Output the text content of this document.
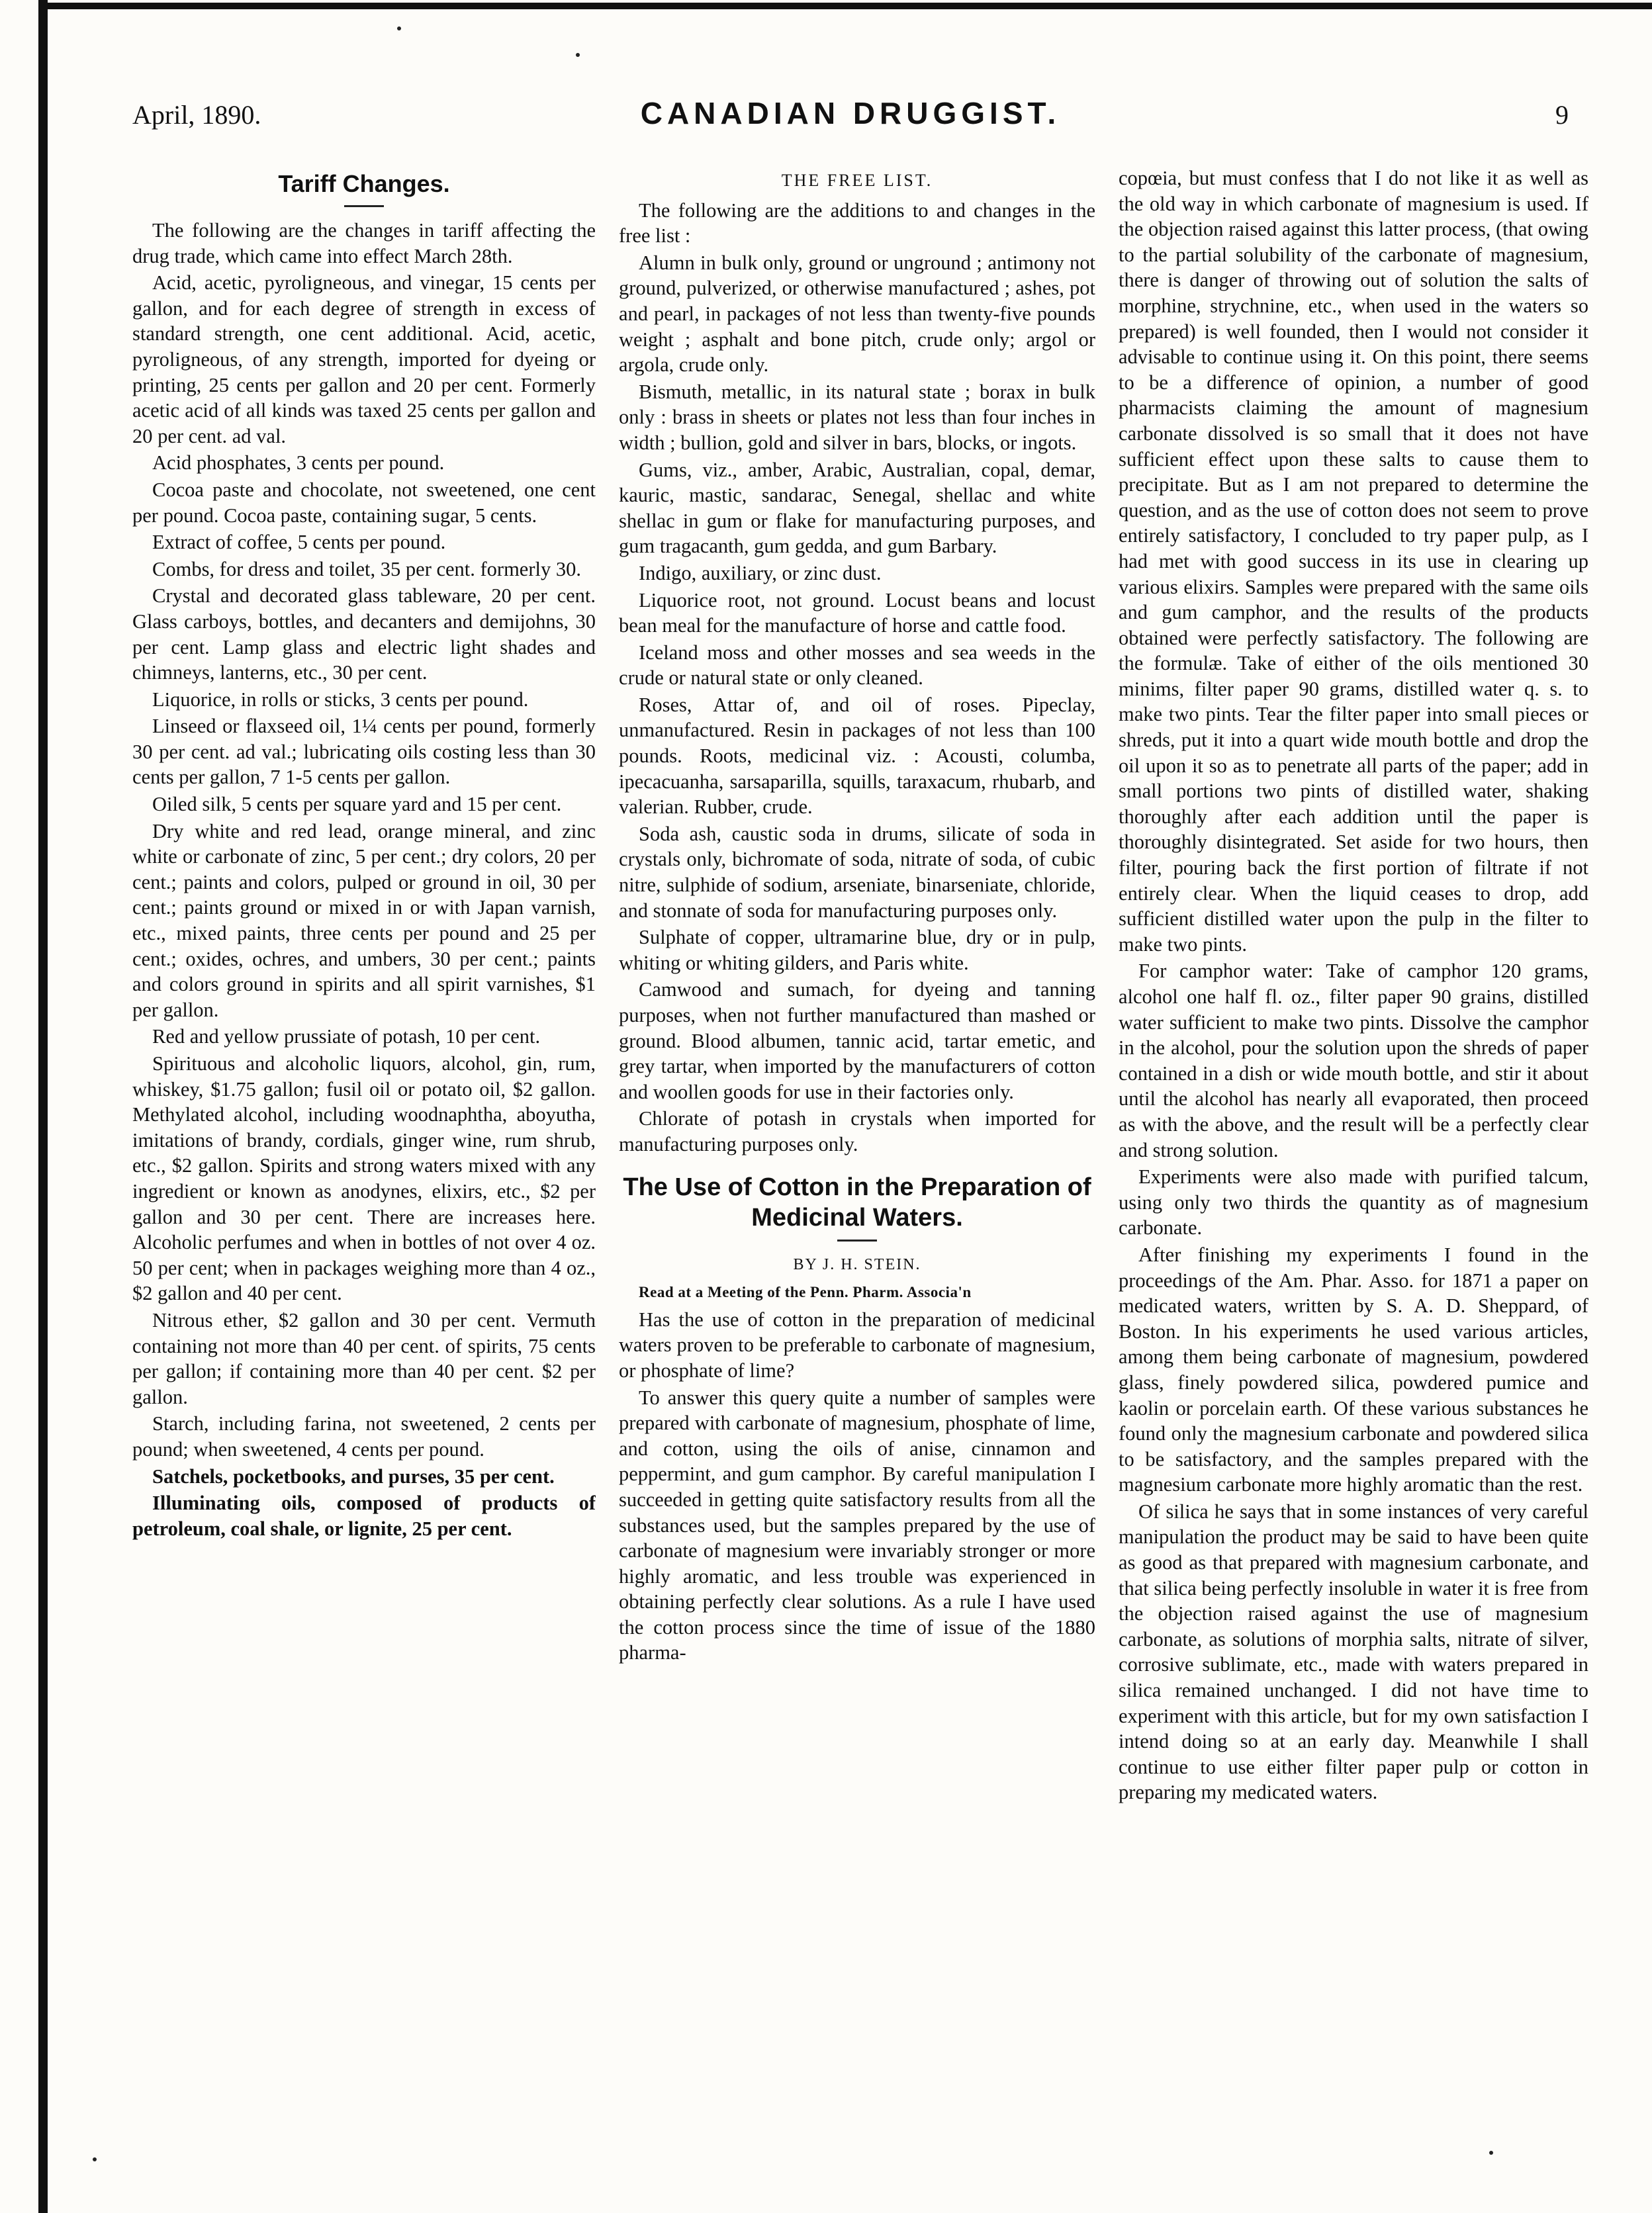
April, 1890.	CANADIAN DRUGGIST.	9
Tariff Changes.

The following are the changes in tariff affecting the drug trade, which came into effect March 28th.

Acid, acetic, pyroligneous, and vinegar, 15 cents per gallon, and for each degree of strength in excess of standard strength, one cent additional. Acid, acetic, pyroligneous, of any strength, imported for dyeing or printing, 25 cents per gallon and 20 per cent. Formerly acetic acid of all kinds was taxed 25 cents per gallon and 20 per cent. ad val.

Acid phosphates, 3 cents per pound.

Cocoa paste and chocolate, not sweetened, one cent per pound. Cocoa paste, containing sugar, 5 cents.

Extract of coffee, 5 cents per pound.

Combs, for dress and toilet, 35 per cent. formerly 30.

Crystal and decorated glass tableware, 20 per cent. Glass carboys, bottles, and decanters and demijohns, 30 per cent. Lamp glass and electric light shades and chimneys, lanterns, etc., 30 per cent.

Liquorice, in rolls or sticks, 3 cents per pound.

Linseed or flaxseed oil, 1¼ cents per pound, formerly 30 per cent. ad val.; lubricating oils costing less than 30 cents per gallon, 7 1-5 cents per gallon.

Oiled silk, 5 cents per square yard and 15 per cent.

Dry white and red lead, orange mineral, and zinc white or carbonate of zinc, 5 per cent.; dry colors, 20 per cent.; paints and colors, pulped or ground in oil, 30 per cent.; paints ground or mixed in or with Japan varnish, etc., mixed paints, three cents per pound and 25 per cent.; oxides, ochres, and umbers, 30 per cent.; paints and colors ground in spirits and all spirit varnishes, $1 per gallon.

Red and yellow prussiate of potash, 10 per cent.

Spirituous and alcoholic liquors, alcohol, gin, rum, whiskey, $1.75 gallon; fusil oil or potato oil, $2 gallon. Methylated alcohol, including woodnaphtha, aboyutha, imitations of brandy, cordials, ginger wine, rum shrub, etc., $2 gallon. Spirits and strong waters mixed with any ingredient or known as anodynes, elixirs, etc., $2 per gallon and 30 per cent. There are increases here. Alcoholic perfumes and when in bottles of not over 4 oz. 50 per cent; when in packages weighing more than 4 oz., $2 gallon and 40 per cent.

Nitrous ether, $2 gallon and 30 per cent. Vermuth containing not more than 40 per cent. of spirits, 75 cents per gallon; if containing more than 40 per cent. $2 per gallon.

Starch, including farina, not sweetened, 2 cents per pound; when sweetened, 4 cents per pound.

Satchels, pocketbooks, and purses, 35 per cent.

Illuminating oils, composed of products of petroleum, coal shale, or lignite, 25 per cent.

THE FREE LIST.

The following are the additions to and changes in the free list :

Alumn in bulk only, ground or unground ; antimony not ground, pulverized, or otherwise manufactured ; ashes, pot and pearl, in packages of not less than twenty-five pounds weight ; asphalt and bone pitch, crude only; argol or argola, crude only.

Bismuth, metallic, in its natural state ; borax in bulk only : brass in sheets or plates not less than four inches in width ; bullion, gold and silver in bars, blocks, or ingots.

Gums, viz., amber, Arabic, Australian, copal, demar, kauric, mastic, sandarac, Senegal, shellac and white shellac in gum or flake for manufacturing purposes, and gum tragacanth, gum gedda, and gum Barbary.

Indigo, auxiliary, or zinc dust.

Liquorice root, not ground. Locust beans and locust bean meal for the manufacture of horse and cattle food.

Iceland moss and other mosses and sea weeds in the crude or natural state or only cleaned.

Roses, Attar of, and oil of roses. Pipeclay, unmanufactured. Resin in packages of not less than 100 pounds. Roots, medicinal viz. : Acousti, columba, ipecacuanha, sarsaparilla, squills, taraxacum, rhubarb, and valerian. Rubber, crude.

Soda ash, caustic soda in drums, silicate of soda in crystals only, bichromate of soda, nitrate of soda, of cubic nitre, sulphide of sodium, arseniate, binarseniate, chloride, and stonnate of soda for manufacturing purposes only.

Sulphate of copper, ultramarine blue, dry or in pulp, whiting or whiting gilders, and Paris white.

Camwood and sumach, for dyeing and tanning purposes, when not further manufactured than mashed or ground. Blood albumen, tannic acid, tartar emetic, and grey tartar, when imported by the manufacturers of cotton and woollen goods for use in their factories only.

Chlorate of potash in crystals when imported for manufacturing purposes only.

The Use of Cotton in the Preparation of Medicinal Waters.
BY J. H. STEIN.

Read at a Meeting of the Penn. Pharm. Associa'n

Has the use of cotton in the preparation of medicinal waters proven to be preferable to carbonate of magnesium, or phosphate of lime?

To answer this query quite a number of samples were prepared with carbonate of magnesium, phosphate of lime, and cotton, using the oils of anise, cinnamon and peppermint, and gum camphor. By careful manipulation I succeeded in getting quite satisfactory results from all the substances used, but the samples prepared by the use of carbonate of magnesium were invariably stronger or more highly aromatic, and less trouble was experienced in obtaining perfectly clear solutions. As a rule I have used the cotton process since the time of issue of the 1880 pharma-

copœia, but must confess that I do not like it as well as the old way in which carbonate of magnesium is used. If the objection raised against this latter process, (that owing to the partial solubility of the carbonate of magnesium, there is danger of throwing out of solution the salts of morphine, strychnine, etc., when used in the waters so prepared) is well founded, then I would not consider it advisable to continue using it. On this point, there seems to be a difference of opinion, a number of good pharmacists claiming the amount of magnesium carbonate dissolved is so small that it does not have sufficient effect upon these salts to cause them to precipitate. But as I am not prepared to determine the question, and as the use of cotton does not seem to prove entirely satisfactory, I concluded to try paper pulp, as I had met with good success in its use in clearing up various elixirs. Samples were prepared with the same oils and gum camphor, and the results of the products obtained were perfectly satisfactory. The following are the formulæ. Take of either of the oils mentioned 30 minims, filter paper 90 grams, distilled water q. s. to make two pints. Tear the filter paper into small pieces or shreds, put it into a quart wide mouth bottle and drop the oil upon it so as to penetrate all parts of the paper; add in small portions two pints of distilled water, shaking thoroughly after each addition until the paper is thoroughly disintegrated. Set aside for two hours, then filter, pouring back the first portion of filtrate if not entirely clear. When the liquid ceases to drop, add sufficient distilled water upon the pulp in the filter to make two pints.

For camphor water: Take of camphor 120 grams, alcohol one half fl. oz., filter paper 90 grains, distilled water sufficient to make two pints. Dissolve the camphor in the alcohol, pour the solution upon the shreds of paper contained in a dish or wide mouth bottle, and stir it about until the alcohol has nearly all evaporated, then proceed as with the above, and the result will be a perfectly clear and strong solution.

Experiments were also made with purified talcum, using only two thirds the quantity as of magnesium carbonate.

After finishing my experiments I found in the proceedings of the Am. Phar. Asso. for 1871 a paper on medicated waters, written by S. A. D. Sheppard, of Boston. In his experiments he used various articles, among them being carbonate of magnesium, powdered glass, finely powdered silica, powdered pumice and kaolin or porcelain earth. Of these various substances he found only the magnesium carbonate and powdered silica to be satisfactory, and the samples prepared with the magnesium carbonate more highly aromatic than the rest.

Of silica he says that in some instances of very careful manipulation the product may be said to have been quite as good as that prepared with magnesium carbonate, and that silica being perfectly insoluble in water it is free from the objection raised against the use of magnesium carbonate, as solutions of morphia salts, nitrate of silver, corrosive sublimate, etc., made with waters prepared in silica remained unchanged. I did not have time to experiment with this article, but for my own satisfaction I intend doing so at an early day. Meanwhile I shall continue to use either filter paper pulp or cotton in preparing my medicated waters.
